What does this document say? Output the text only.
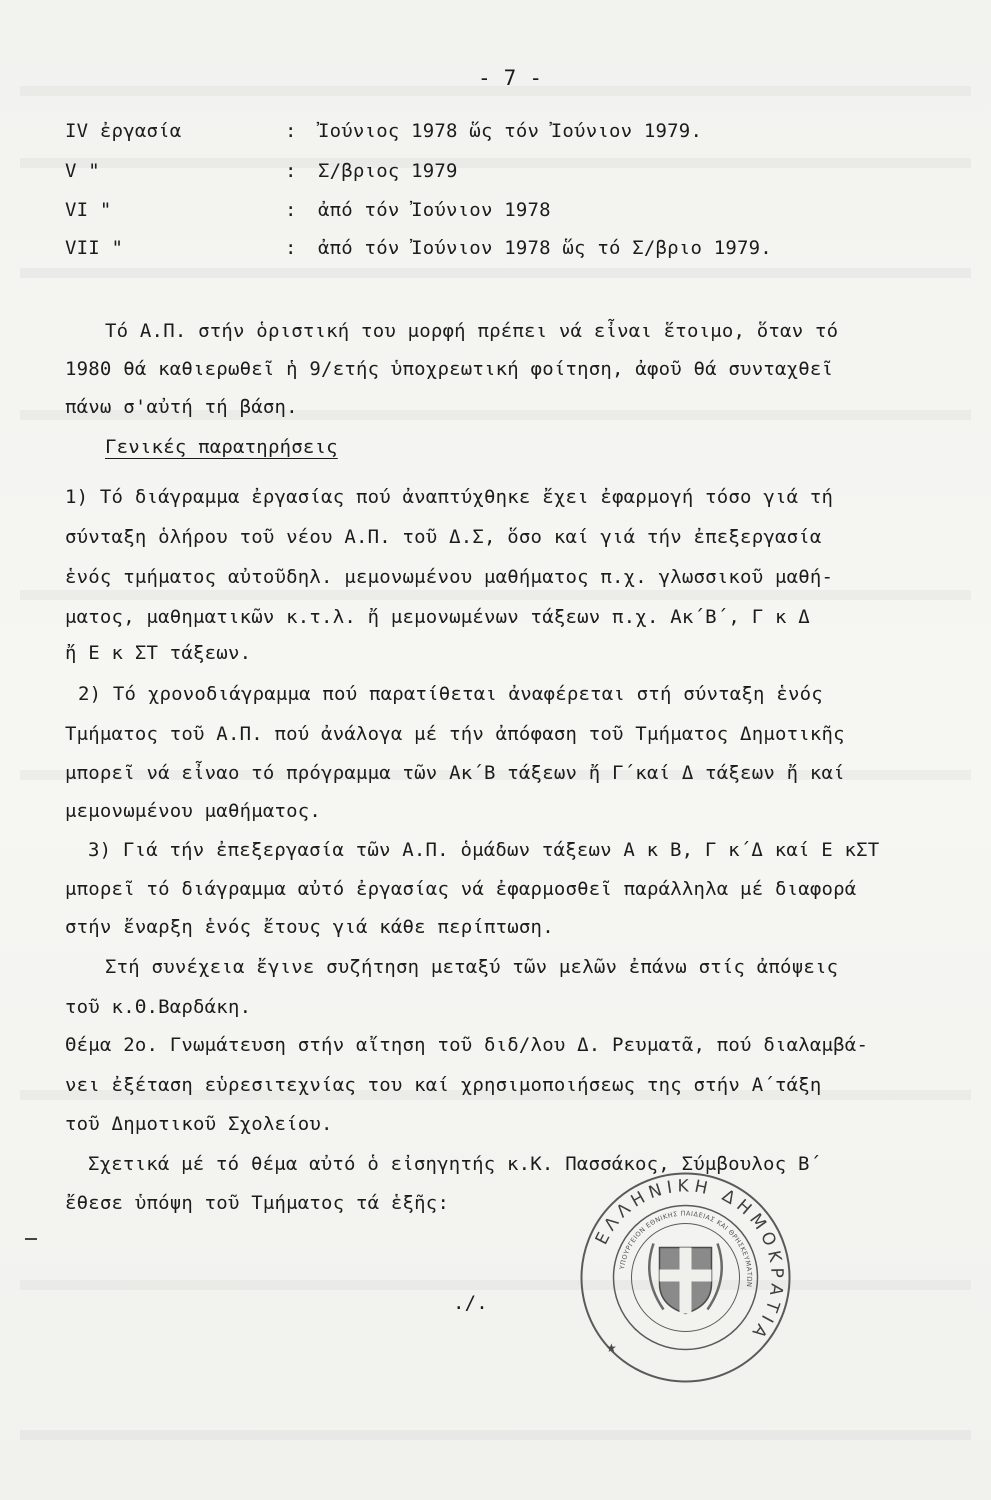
- 7 -
IV ἐργασία	: Ἰούνιος 1978 ὥς τόν Ἰούνιον 1979.
V "	: Σ/βριος 1979
VI "	: ἀπό τόν Ἰούνιον 1978
VII "	: ἀπό τόν Ἰούνιον 1978 ὥς τό Σ/βριο 1979.
Τό Α.Π. στήν ὁριστική του μορφή πρέπει νά εἶναι ἕτοιμο, ὅταν τό
1980 θά καθιερωθεῖ ἡ 9/ετής ὑποχρεωτική φοίτηση, ἀφοῦ θά συνταχθεῖ
πάνω σ'αὐτή τή βάση.
Γενικές παρατηρήσεις
1) Τό διάγραμμα ἐργασίας πού ἀναπτύχθηκε ἔχει ἐφαρμογή τόσο γιά τή
σύνταξη ὁλήρου τοῦ νέου Α.Π. τοῦ Δ.Σ, ὅσο καί γιά τήν ἐπεξεργασία
ἑνός τμήματος αὐτοῦδηλ. μεμονωμένου μαθήματος π.χ. γλωσσικοῦ μαθή-
ματος, μαθηματικῶν κ.τ.λ. ἤ μεμονωμένων τάξεων π.χ. Ακ΄Β΄, Γ κ Δ
ἤ Ε κ ΣΤ τάξεων.
2) Τό χρονοδιάγραμμα πού παρατίθεται ἀναφέρεται στή σύνταξη ἑνός
Τμήματος τοῦ Α.Π. πού ἀνάλογα μέ τήν ἀπόφαση τοῦ Τμήματος Δημοτικῆς
μπορεῖ νά εἶναο τό πρόγραμμα τῶν Ακ΄Β τάξεων ἤ Γ΄καί Δ τάξεων ἤ καί
μεμονωμένου μαθήματος.
3) Γιά τήν ἐπεξεργασία τῶν Α.Π. ὁμάδων τάξεων Α κ Β, Γ κ΄Δ καί Ε κΣΤ
μπορεῖ τό διάγραμμα αὐτό ἐργασίας νά ἐφαρμοσθεῖ παράλληλα μέ διαφορά
στήν ἔναρξη ἑνός ἔτους γιά κάθε περίπτωση.
Στή συνέχεια ἔγινε συζήτηση μεταξύ τῶν μελῶν ἐπάνω στίς ἀπόψεις
τοῦ κ.Θ.Βαρδάκη.
Θέμα 2ο. Γνωμάτευση στήν αἴτηση τοῦ διδ/λου Δ. Ρευματᾶ, πού διαλαμβά-
νει ἐξέταση εὑρεσιτεχνίας του καί χρησιμοποιήσεως της στήν Α΄τάξη
τοῦ Δημοτικοῦ Σχολείου.
Σχετικά μέ τό θέμα αὐτό ὁ εἰσηγητής κ.Κ. Πασσάκος, Σύμβουλος Β΄
ἔθεσε ὑπόψη τοῦ Τμήματος τά ἑξῆς:
./.
ΕΛΛΗΝΙΚΗ ΔΗΜΟΚΡΑΤΙΑ
ΥΠΟΥΡΓΕΙΟΝ ΕΘΝΙΚΗΣ ΠΑΙΔΕΙΑΣ ΚΑΙ ΘΡΗΣΚΕΥΜΑΤΩΝ
★
